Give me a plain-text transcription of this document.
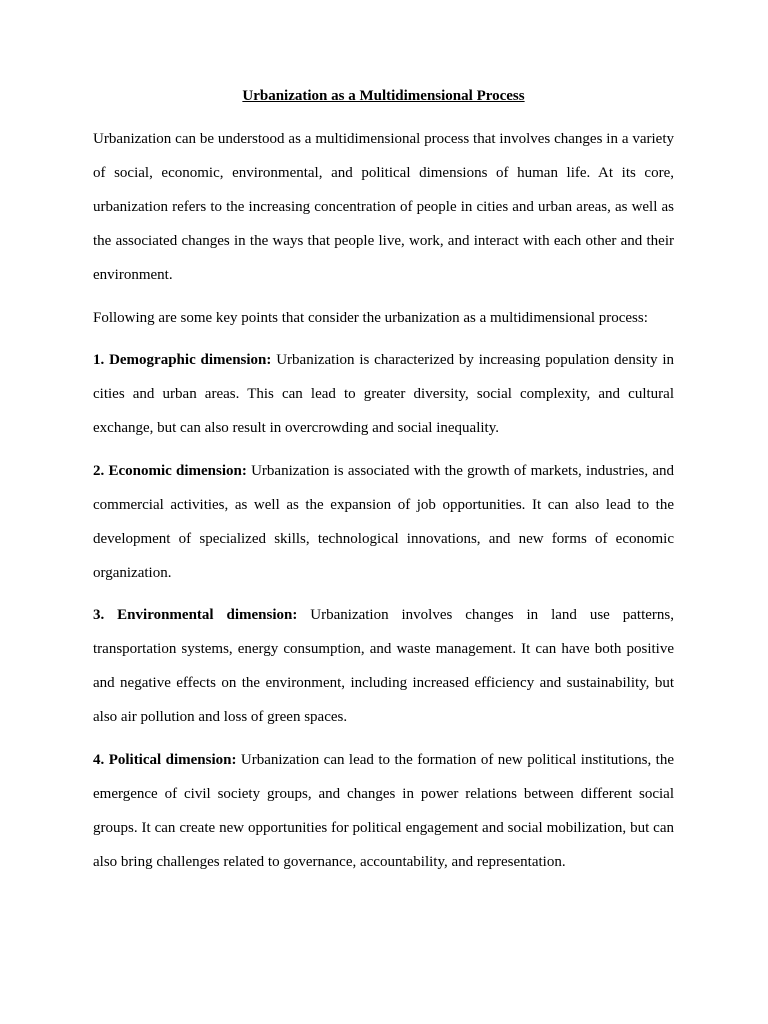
Urbanization as a Multidimensional Process

Urbanization can be understood as a multidimensional process that involves changes in a variety of social, economic, environmental, and political dimensions of human life. At its core, urbanization refers to the increasing concentration of people in cities and urban areas, as well as the associated changes in the ways that people live, work, and interact with each other and their environment.

Following are some key points that consider the urbanization as a multidimensional process:

1. Demographic dimension: Urbanization is characterized by increasing population density in cities and urban areas. This can lead to greater diversity, social complexity, and cultural exchange, but can also result in overcrowding and social inequality.

2. Economic dimension: Urbanization is associated with the growth of markets, industries, and commercial activities, as well as the expansion of job opportunities. It can also lead to the development of specialized skills, technological innovations, and new forms of economic organization.

3. Environmental dimension: Urbanization involves changes in land use patterns, transportation systems, energy consumption, and waste management. It can have both positive and negative effects on the environment, including increased efficiency and sustainability, but also air pollution and loss of green spaces.

4. Political dimension: Urbanization can lead to the formation of new political institutions, the emergence of civil society groups, and changes in power relations between different social groups. It can create new opportunities for political engagement and social mobilization, but can also bring challenges related to governance, accountability, and representation.
